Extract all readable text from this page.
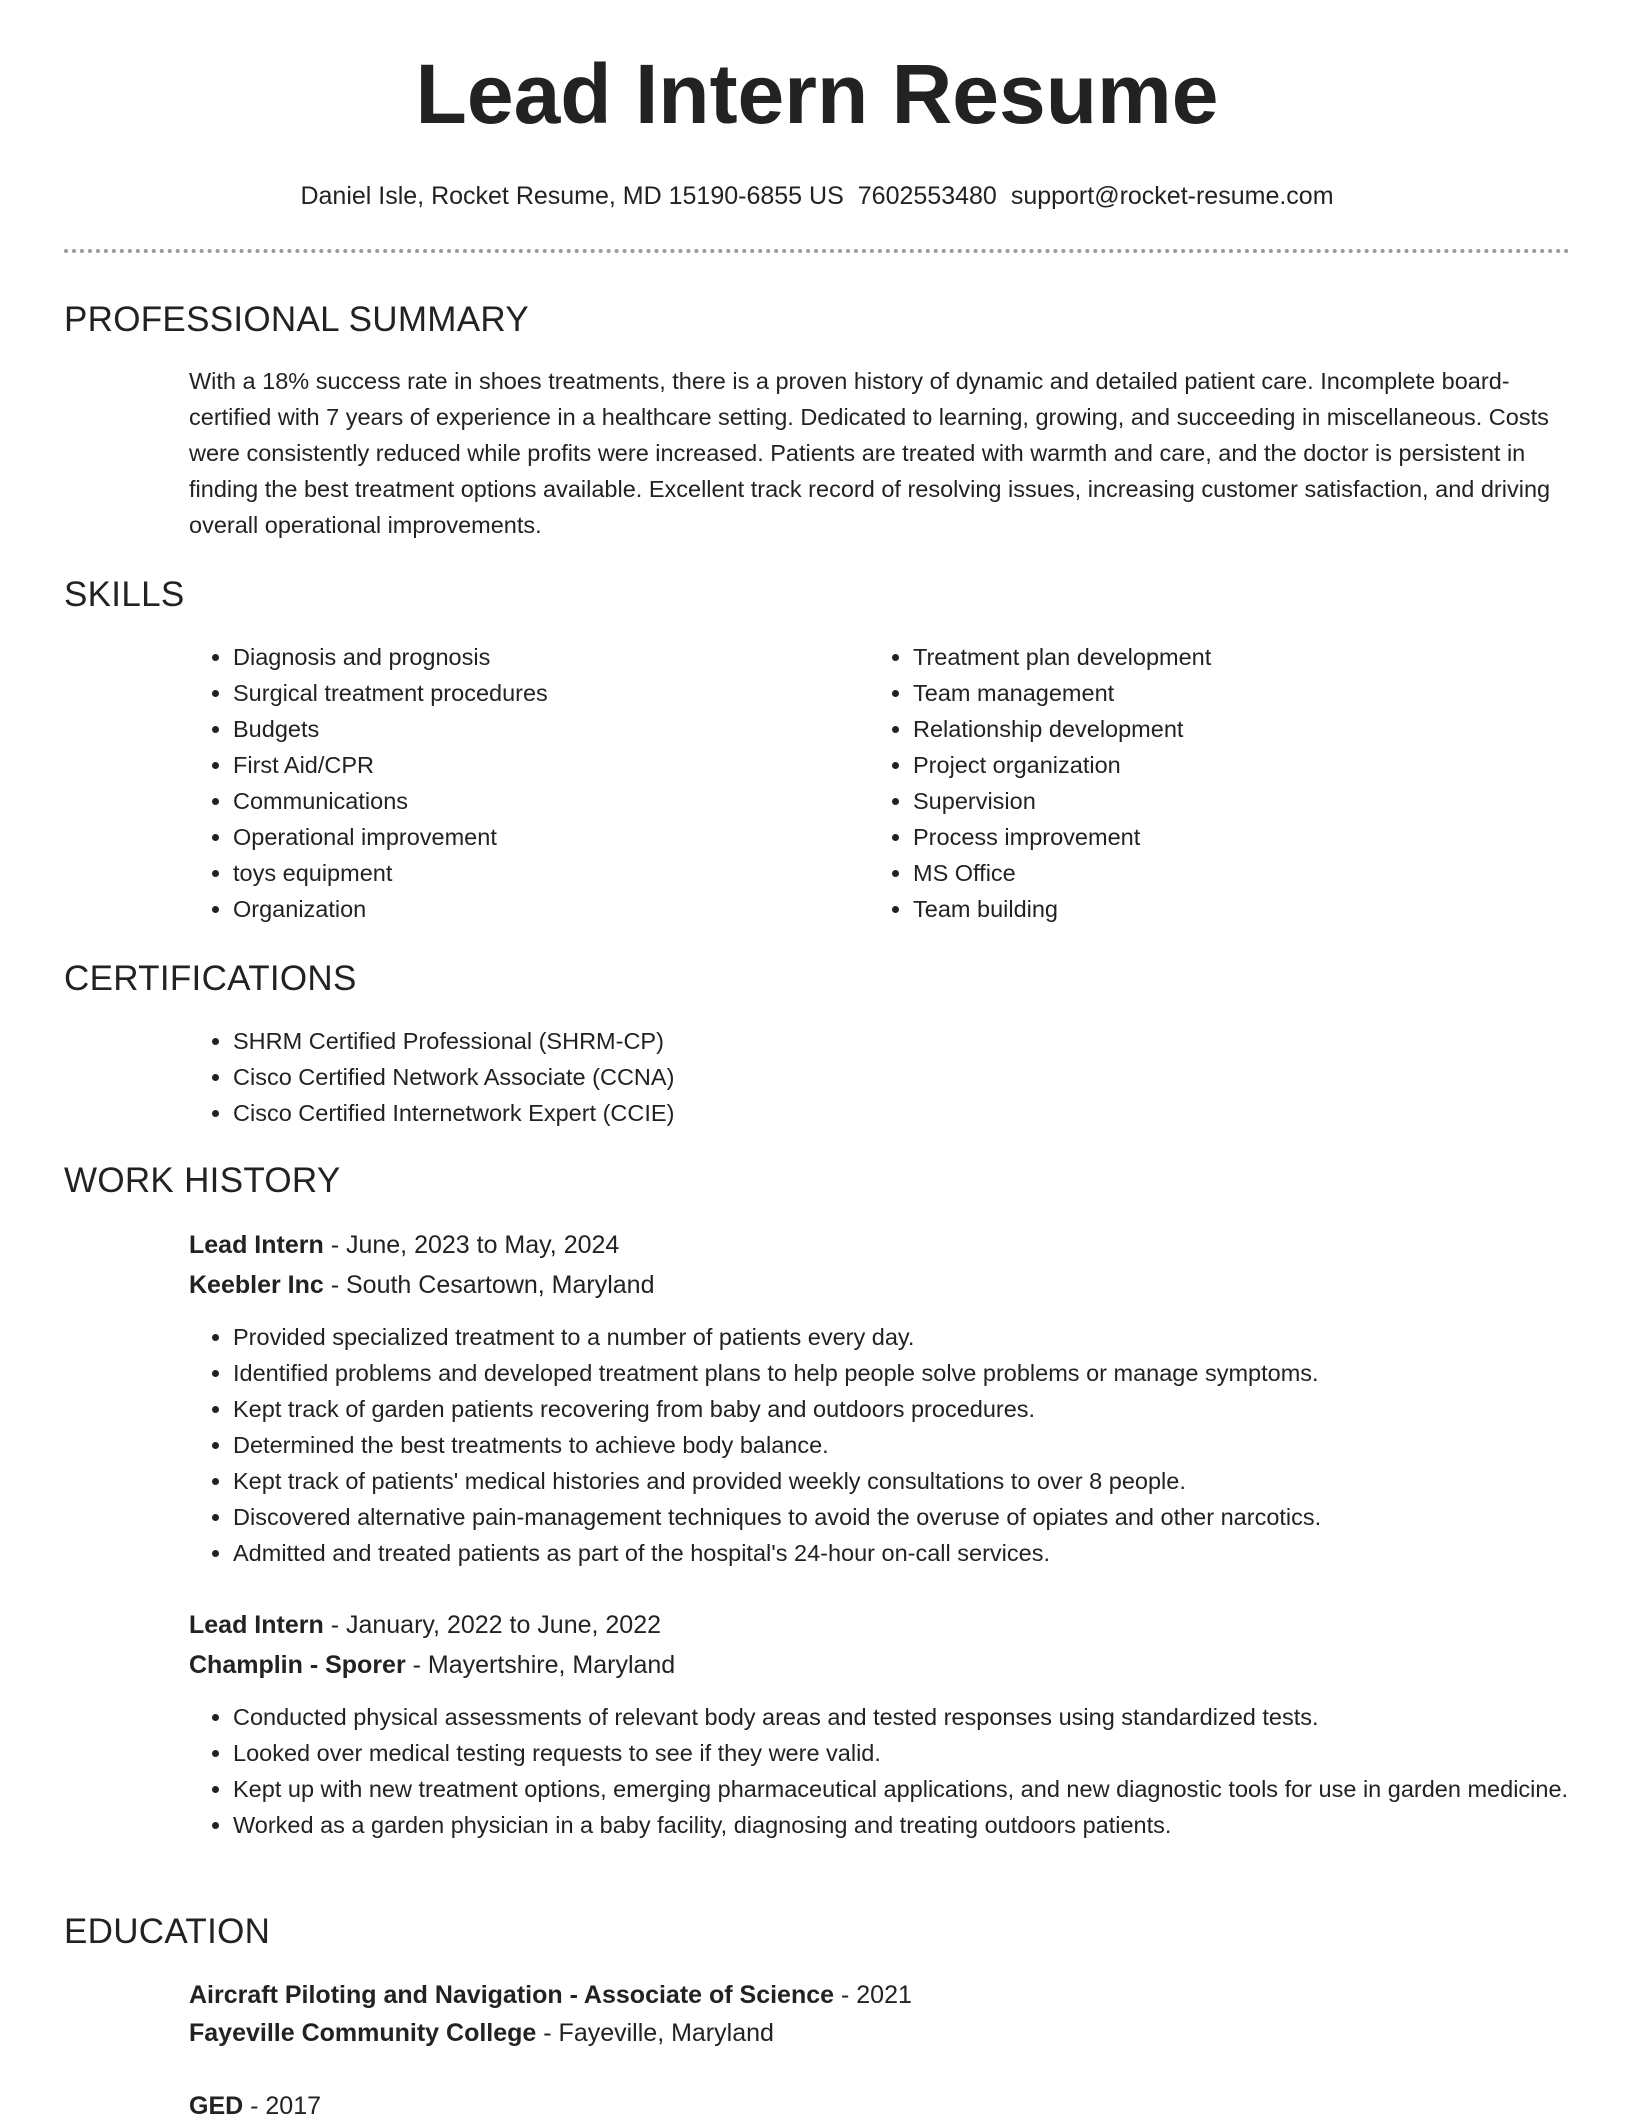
Lead Intern Resume
Daniel Isle, Rocket Resume, MD 15190-6855 US 7602553480 support@rocket-resume.com
PROFESSIONAL SUMMARY

With a 18% success rate in shoes treatments, there is a proven history of dynamic and detailed patient care. Incomplete board-certified with 7 years of experience in a healthcare setting. Dedicated to learning, growing, and succeeding in miscellaneous. Costs were consistently reduced while profits were increased. Patients are treated with warmth and care, and the doctor is persistent in finding the best treatment options available. Excellent track record of resolving issues, increasing customer satisfaction, and driving overall operational improvements.

SKILLS
• Diagnosis and prognosis
• Surgical treatment procedures
• Budgets
• First Aid/CPR
• Communications
• Operational improvement
• toys equipment
• Organization
• Treatment plan development
• Team management
• Relationship development
• Project organization
• Supervision
• Process improvement
• MS Office
• Team building
CERTIFICATIONS
• SHRM Certified Professional (SHRM-CP)
• Cisco Certified Network Associate (CCNA)
• Cisco Certified Internetwork Expert (CCIE)
WORK HISTORY
Lead Intern - June, 2023 to May, 2024
Keebler Inc - South Cesartown, Maryland
• Provided specialized treatment to a number of patients every day.
• Identified problems and developed treatment plans to help people solve problems or manage symptoms.
• Kept track of garden patients recovering from baby and outdoors procedures.
• Determined the best treatments to achieve body balance.
• Kept track of patients' medical histories and provided weekly consultations to over 8 people.
• Discovered alternative pain-management techniques to avoid the overuse of opiates and other narcotics.
• Admitted and treated patients as part of the hospital's 24-hour on-call services.
Lead Intern - January, 2022 to June, 2022
Champlin - Sporer - Mayertshire, Maryland
• Conducted physical assessments of relevant body areas and tested responses using standardized tests.
• Looked over medical testing requests to see if they were valid.
• Kept up with new treatment options, emerging pharmaceutical applications, and new diagnostic tools for use in garden medicine.
• Worked as a garden physician in a baby facility, diagnosing and treating outdoors patients.
EDUCATION
Aircraft Piloting and Navigation - Associate of Science - 2021
Fayeville Community College - Fayeville, Maryland
GED - 2017
